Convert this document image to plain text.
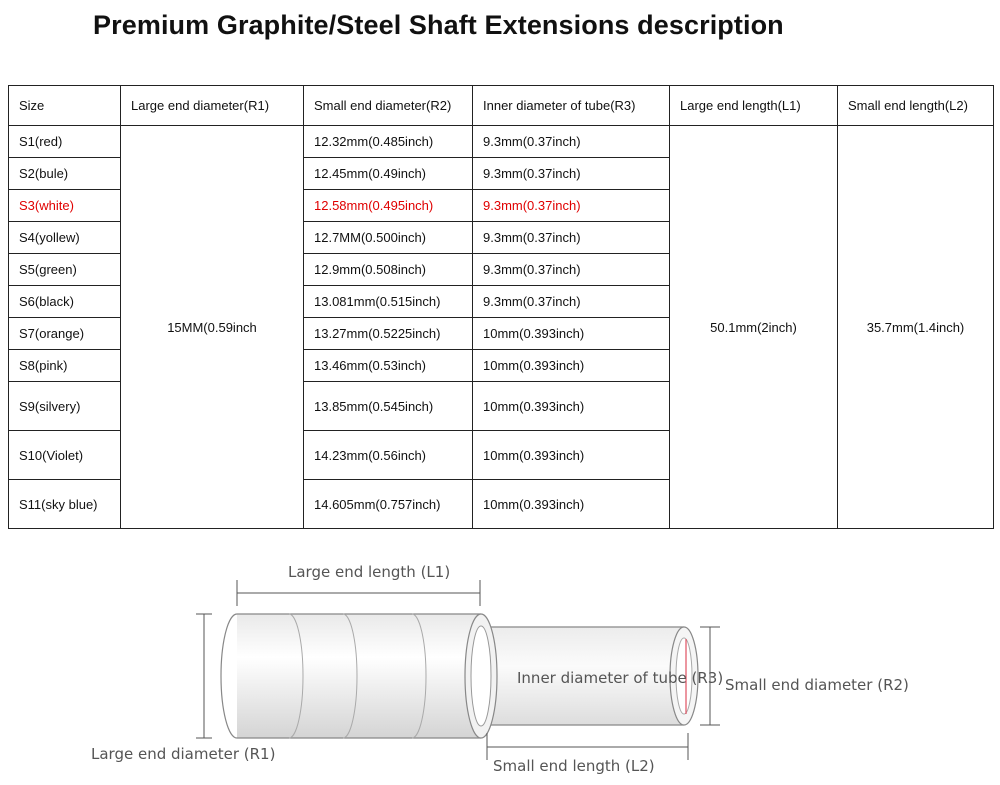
Premium Graphite/Steel Shaft Extensions description
Size	Large end diameter(R1)	Small end diameter(R2)	Inner diameter of tube(R3)	Large end length(L1)	Small end length(L2)
S1(red)	15MM(0.59inch	12.32mm(0.485inch)	9.3mm(0.37inch)	50.1mm(2inch)	35.7mm(1.4inch)
S2(bule)		12.45mm(0.49inch)	9.3mm(0.37inch)		
S3(white)		12.58mm(0.495inch)	9.3mm(0.37inch)		
S4(yollew)		12.7MM(0.500inch)	9.3mm(0.37inch)		
S5(green)		12.9mm(0.508inch)	9.3mm(0.37inch)		
S6(black)		13.081mm(0.515inch)	9.3mm(0.37inch)		
S7(orange)		13.27mm(0.5225inch)	10mm(0.393inch)		
S8(pink)		13.46mm(0.53inch)	10mm(0.393inch)		
S9(silvery)		13.85mm(0.545inch)	10mm(0.393inch)		
S10(Violet)		14.23mm(0.56inch)	10mm(0.393inch)		
S11(sky blue)		14.605mm(0.757inch)	10mm(0.393inch)		
Large end length (L1)
Large end diameter (R1)
Inner diameter of tube (R3) Small end diameter (R2)
Small end length (L2)
